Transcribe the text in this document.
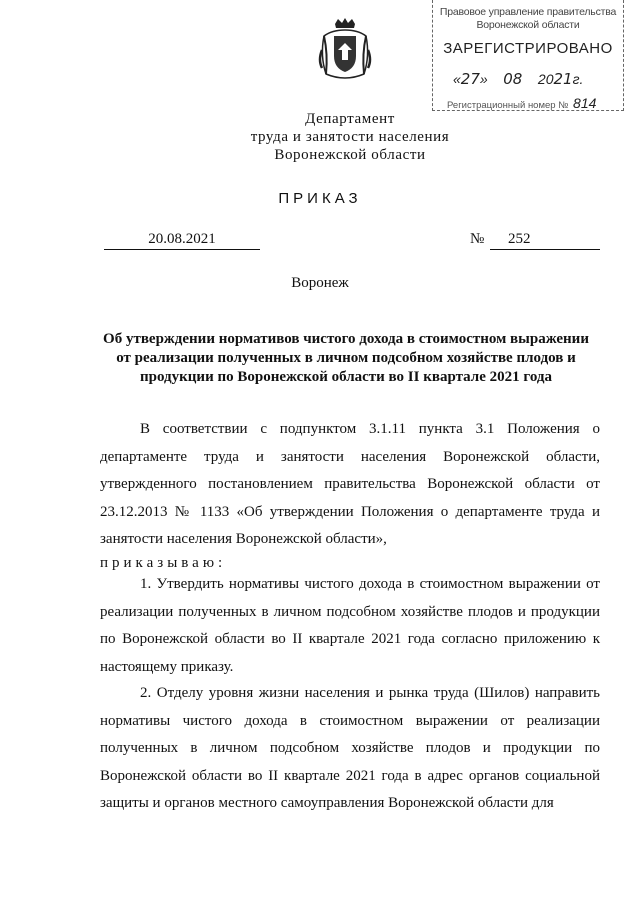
Правовое управление правительства
Воронежской области
ЗАРЕГИСТРИРОВАНО
«27»    08 2021г.
Регистрационный номер № 814
Департамент
труда и занятости населения
Воронежской области
ПРИКАЗ
20.08.2021	№	252
Воронеж
Об утверждении нормативов чистого дохода в стоимостном выражении от реализации полученных в личном подсобном хозяйстве плодов и продукции по Воронежской области во II квартале 2021 года
В соответствии с подпунктом 3.1.11 пункта 3.1 Положения о департаменте труда и занятости населения Воронежской области, утвержденного постановлением правительства Воронежской области от 23.12.2013 № 1133 «Об утверждении Положения о департаменте труда и занятости населения Воронежской области»,
приказываю:
1. Утвердить нормативы чистого дохода в стоимостном выражении от реализации полученных в личном подсобном хозяйстве плодов и продукции по Воронежской области во II квартале 2021 года согласно приложению к настоящему приказу.
2. Отделу уровня жизни населения и рынка труда (Шилов) направить нормативы чистого дохода в стоимостном выражении от реализации полученных в личном подсобном хозяйстве плодов и продукции по Воронежской области во II квартале 2021 года в адрес органов социальной защиты и органов местного самоуправления Воронежской области для
